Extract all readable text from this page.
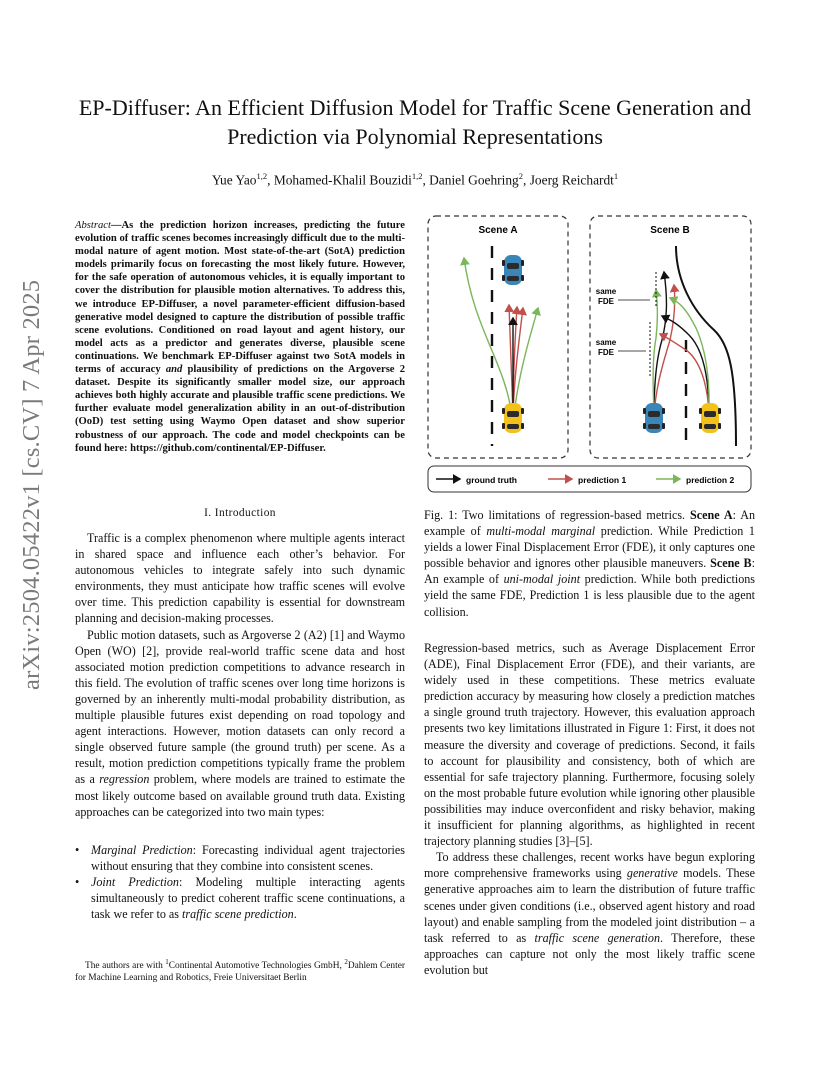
arXiv:2504.05422v1 [cs.CV] 7 Apr 2025
EP-Diffuser: An Efficient Diffusion Model for Traffic Scene Generation and
Prediction via Polynomial Representations
Yue Yao$^{1,2}$, Mohamed-Khalil Bouzidi$^{1,2}$, Daniel Goehring$^2$, Joerg Reichardt$^1$
Abstract—As the prediction horizon increases, predicting the future evolution of traffic scenes becomes increasingly difficult due to the multi-modal nature of agent motion. Most state-of-the-art (SotA) prediction models primarily focus on forecasting the most likely future. However, for the safe operation of autonomous vehicles, it is equally important to cover the distribution for plausible motion alternatives. To address this, we introduce EP-Diffuser, a novel parameter-efficient diffusion-based generative model designed to capture the distribution of possible traffic scene evolutions. Conditioned on road layout and agent history, our model acts as a predictor and generates diverse, plausible scene continuations. We benchmark EP-Diffuser against two SotA models in terms of accuracy and plausibility of predictions on the Argoverse 2 dataset. Despite its significantly smaller model size, our approach achieves both highly accurate and plausible traffic scene predictions. We further evaluate model generalization ability in an out-of-distribution (OoD) test setting using Waymo Open dataset and show superior robustness of our approach. The code and model checkpoints can be found here: https://github.com/continental/EP-Diffuser.
I. Introduction

Traffic is a complex phenomenon where multiple agents interact in shared space and influence each other’s behavior. For autonomous vehicles to integrate safely into such dynamic environments, they must anticipate how traffic scenes will evolve over time. This prediction capability is essential for downstream planning and decision-making processes.

Public motion datasets, such as Argoverse 2 (A2) [1] and Waymo Open (WO) [2], provide real-world traffic scene data and host associated motion prediction competitions to advance research in this field. The evolution of traffic scenes over long time horizons is governed by an inherently multi-modal probability distribution, as multiple plausible futures exist depending on road topology and agent interactions. However, motion datasets can only record a single observed future sample (the ground truth) per scene. As a result, motion prediction competitions typically frame the problem as a regression problem, where models are trained to estimate the most likely outcome based on available ground truth data. Existing approaches can be categorized into two main types:

• Marginal Prediction: Forecasting individual agent trajectories without ensuring that they combine into consistent scenes.
• Joint Prediction: Modeling multiple interacting agents simultaneously to predict coherent traffic scene continuations, a task we refer to as traffic scene prediction.

The authors are with $^1$Continental Automotive Technologies GmbH, $^2$Dahlem Center for Machine Learning and Robotics, Freie Universitaet Berlin

Scene A	Scene B
same
FDE
same
FDE
ground truth	prediction 1	prediction 2
Fig. 1: Two limitations of regression-based metrics. Scene A: An example of multi-modal marginal prediction. While Prediction 1 yields a lower Final Displacement Error (FDE), it only captures one possible behavior and ignores other plausible maneuvers. Scene B: An example of uni-modal joint prediction. While both predictions yield the same FDE, Prediction 1 is less plausible due to the agent collision.

Regression-based metrics, such as Average Displacement Error (ADE), Final Displacement Error (FDE), and their variants, are widely used in these competitions. These metrics evaluate prediction accuracy by measuring how closely a prediction matches a single ground truth trajectory. However, this evaluation approach presents two key limitations illustrated in Figure 1: First, it does not measure the diversity and coverage of predictions. Second, it fails to account for plausibility and consistency, both of which are essential for safe trajectory planning. Furthermore, focusing solely on the most probable future evolution while ignoring other plausible possibilities may induce overconfident and risky behavior, making it insufficient for planning algorithms, as highlighted in recent trajectory planning studies [3]–[5].

To address these challenges, recent works have begun exploring more comprehensive frameworks using generative models. These generative approaches aim to learn the distribution of future traffic scenes under given conditions (i.e., observed agent history and road layout) and enable sampling from the modeled joint distribution – a task referred to as traffic scene generation. Therefore, these approaches can capture not only the most likely traffic scene evolution but
